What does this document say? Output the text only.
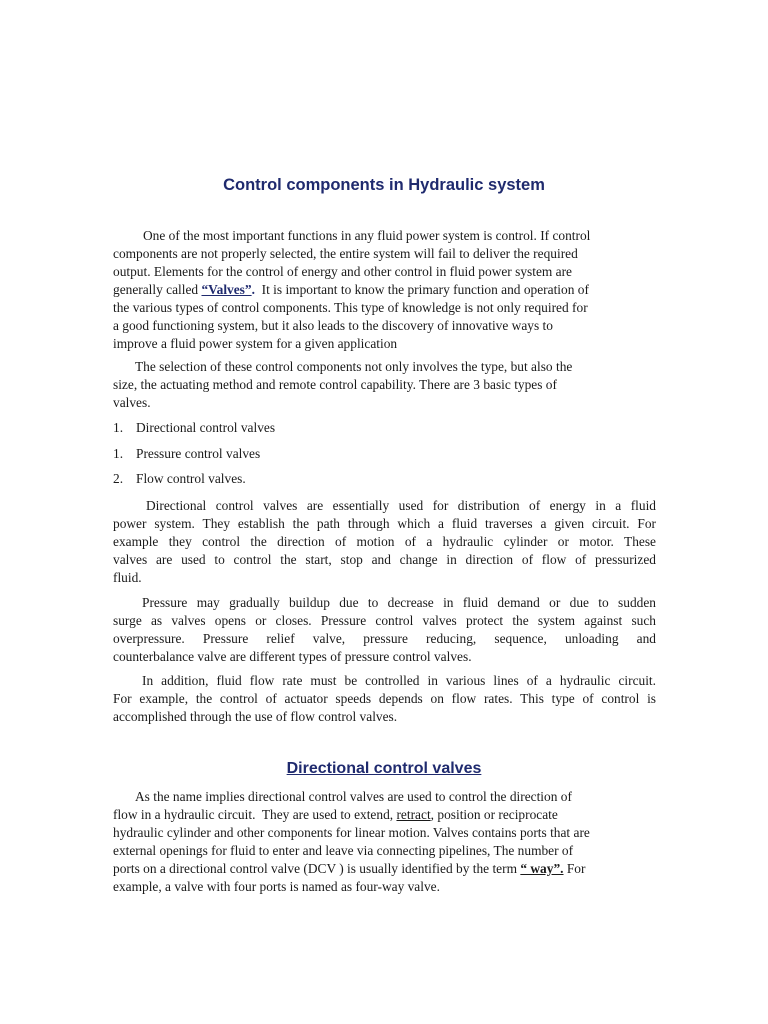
Control components in Hydraulic system
One of the most important functions in any fluid power system is control. If control
components are not properly selected, the entire system will fail to deliver the required
output. Elements for the control of energy and other control in fluid power system are
generally called “Valves”.  It is important to know the primary function and operation of
the various types of control components. This type of knowledge is not only required for
a good functioning system, but it also leads to the discovery of innovative ways to
improve a fluid power system for a given application
The selection of these control components not only involves the type, but also the
size, the actuating method and remote control capability. There are 3 basic types of
valves.
1. Directional control valves
1. Pressure control valves
2. Flow control valves.
Directional control valves are essentially used for distribution of energy in a fluid
power system. They establish the path through which a fluid traverses a given circuit. For
example they control the direction of motion of a hydraulic cylinder or motor. These
valves are used to control the start, stop and change in direction of flow of pressurized
fluid.
Pressure may gradually buildup due to decrease in fluid demand or due to sudden
surge as valves opens or closes. Pressure control valves protect the system against such
overpressure. Pressure relief valve, pressure reducing, sequence, unloading and
counterbalance valve are different types of pressure control valves.
In addition, fluid flow rate must be controlled in various lines of a hydraulic circuit.
For example, the control of actuator speeds depends on flow rates. This type of control is
accomplished through the use of flow control valves.
Directional control valves
As the name implies directional control valves are used to control the direction of
flow in a hydraulic circuit.  They are used to extend, retract, position or reciprocate
hydraulic cylinder and other components for linear motion. Valves contains ports that are
external openings for fluid to enter and leave via connecting pipelines, The number of
ports on a directional control valve (DCV ) is usually identified by the term “ way”. For
example, a valve with four ports is named as four-way valve.
